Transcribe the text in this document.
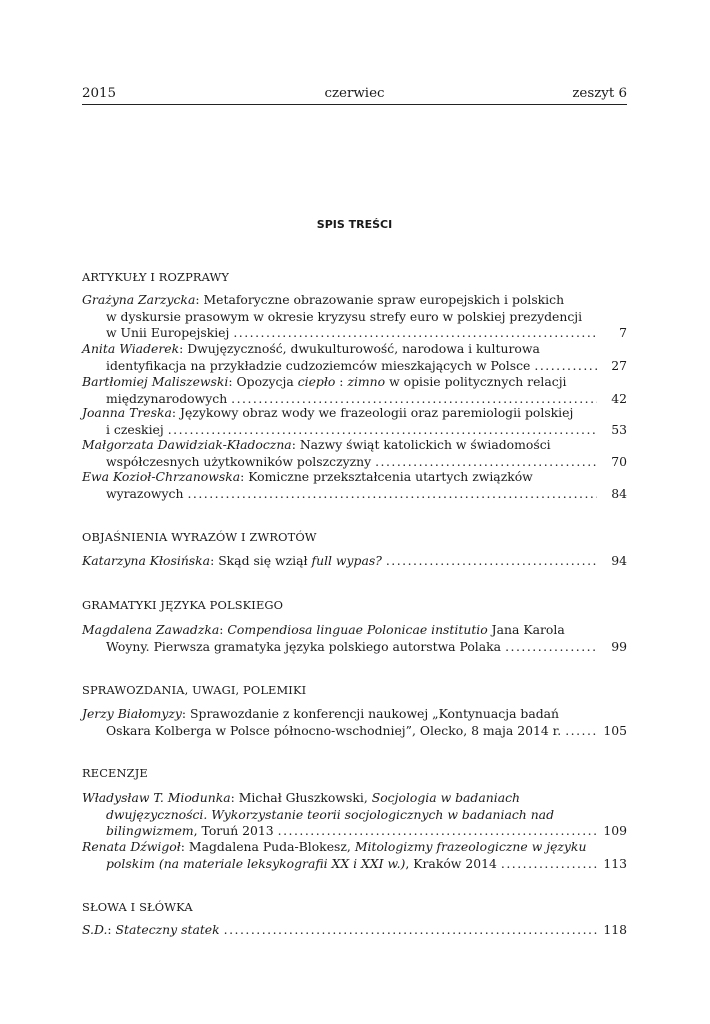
2015	czerwiec	zeszyt 6
SPIS TREŚCI
ARTYKUŁY I ROZPRAWY
Grażyna Zarzycka: Metaforyczne obrazowanie spraw europejskich i polskich
w dyskursie prasowym w okresie kryzysu strefy euro w polskiej prezydencji
w Unii Europejskiej .....	7
Anita Wiaderek: Dwujęzyczność, dwukulturowość, narodowa i kulturowa
identyfikacja na przykładzie cudzoziemców mieszkających w Polsce .....	27
Bartłomiej Maliszewski: Opozycja ciepło : zimno w opisie politycznych relacji
międzynarodowych .....	42
Joanna Treska: Językowy obraz wody we frazeologii oraz paremiologii polskiej
i czeskiej .....	53
Małgorzata Dawidziak-Kładoczna: Nazwy świąt katolickich w świadomości
współczesnych użytkowników polszczyzny .....	70
Ewa Kozioł-Chrzanowska: Komiczne przekształcenia utartych związków
wyrazowych .....	84
OBJAŚNIENIA WYRAZÓW I ZWROTÓW
Katarzyna Kłosińska: Skąd się wziął full wypas? .....	94
GRAMATYKI JĘZYKA POLSKIEGO
Magdalena Zawadzka: Compendiosa linguae Polonicae institutio Jana Karola
Woyny. Pierwsza gramatyka języka polskiego autorstwa Polaka .....	99
SPRAWOZDANIA, UWAGI, POLEMIKI
Jerzy Białomyzy: Sprawozdanie z konferencji naukowej „Kontynuacja badań
Oskara Kolberga w Polsce północno-wschodniej”, Olecko, 8 maja 2014 r. .....	105
RECENZJE
Władysław T. Miodunka: Michał Głuszkowski, Socjologia w badaniach
dwujęzyczności. Wykorzystanie teorii socjologicznych w badaniach nad
bilingwizmem, Toruń 2013 .....	109
Renata Dźwigoł: Magdalena Puda-Blokesz, Mitologizmy frazeologiczne w języku
polskim (na materiale leksykografii XX i XXI w.), Kraków 2014 .....	113
SŁOWA I SŁÓWKA
S.D.: Stateczny statek .....	118
